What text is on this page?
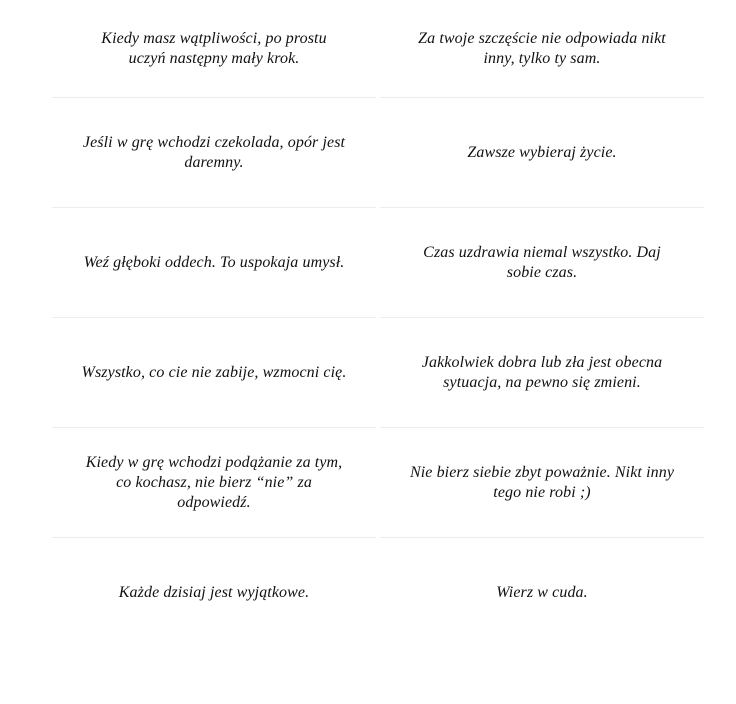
Kiedy masz wątpliwości, po prostu uczyń następny mały krok.
Za twoje szczęście nie odpowiada nikt inny, tylko ty sam.
Jeśli w grę wchodzi czekolada, opór jest daremny.
Zawsze wybieraj życie.
Weź głęboki oddech. To uspokaja umysł.
Czas uzdrawia niemal wszystko. Daj sobie czas.
Wszystko, co cie nie zabije, wzmocni cię.
Jakkolwiek dobra lub zła jest obecna sytuacja, na pewno się zmieni.
Kiedy w grę wchodzi podążanie za tym, co kochasz, nie bierz “nie” za odpowiedź.
Nie bierz siebie zbyt poważnie. Nikt inny tego nie robi ;)
Każde dzisiaj jest wyjątkowe.	Wierz w cuda.
